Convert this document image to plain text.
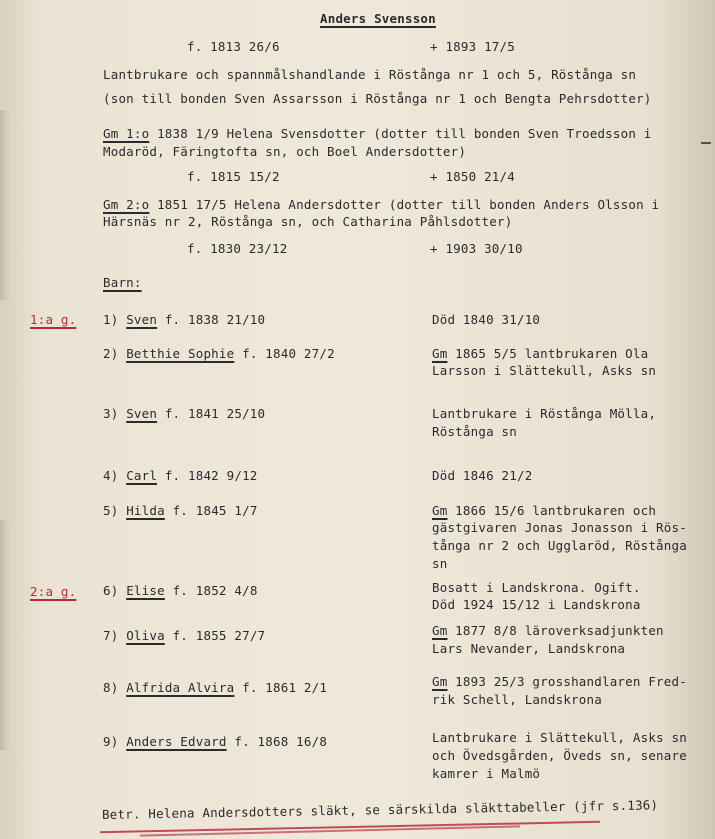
Anders Svensson
f. 1813 26/6	+ 1893 17/5
Lantbrukare och spannmålshandlande i Röstånga nr 1 och 5, Röstånga sn
(son till bonden Sven Assarsson i Röstånga nr 1 och Bengta Pehrsdotter)
Gm 1:o 1838 1/9 Helena Svensdotter (dotter till bonden Sven Troedsson i
Modaröd, Färingtofta sn, och Boel Andersdotter)
f. 1815 15/2	+ 1850 21/4
Gm 2:o 1851 17/5 Helena Andersdotter (dotter till bonden Anders Olsson i
Härsnäs nr 2, Röstånga sn, och Catharina Påhlsdotter)
f. 1830 23/12	+ 1903 30/10
Barn:
1:a g.
2:a g.
1) Sven f. 1838 21/10	Död 1840 31/10
2) Betthie Sophie f. 1840 27/2	Gm 1865 5/5 lantbrukaren Ola
Larsson i Slättekull, Asks sn
3) Sven f. 1841 25/10	Lantbrukare i Röstånga Mölla,
Röstånga sn
4) Carl f. 1842 9/12	Död 1846 21/2
5) Hilda f. 1845 1/7	Gm 1866 15/6 lantbrukaren och
gästgivaren Jonas Jonasson i Rös-
tånga nr 2 och Ugglaröd, Röstånga
sn
6) Elise f. 1852 4/8	Bosatt i Landskrona. Ogift.
Död 1924 15/12 i Landskrona
7) Oliva f. 1855 27/7	Gm 1877 8/8 läroverksadjunkten
Lars Nevander, Landskrona
8) Alfrida Alvira f. 1861 2/1	Gm 1893 25/3 grosshandlaren Fred-
rik Schell, Landskrona
9) Anders Edvard f. 1868 16/8	Lantbrukare i Slättekull, Asks sn
och Övedsgården, Öveds sn, senare
kamrer i Malmö
Betr. Helena Andersdotters släkt, se särskilda släkttabeller (jfr s.136)
